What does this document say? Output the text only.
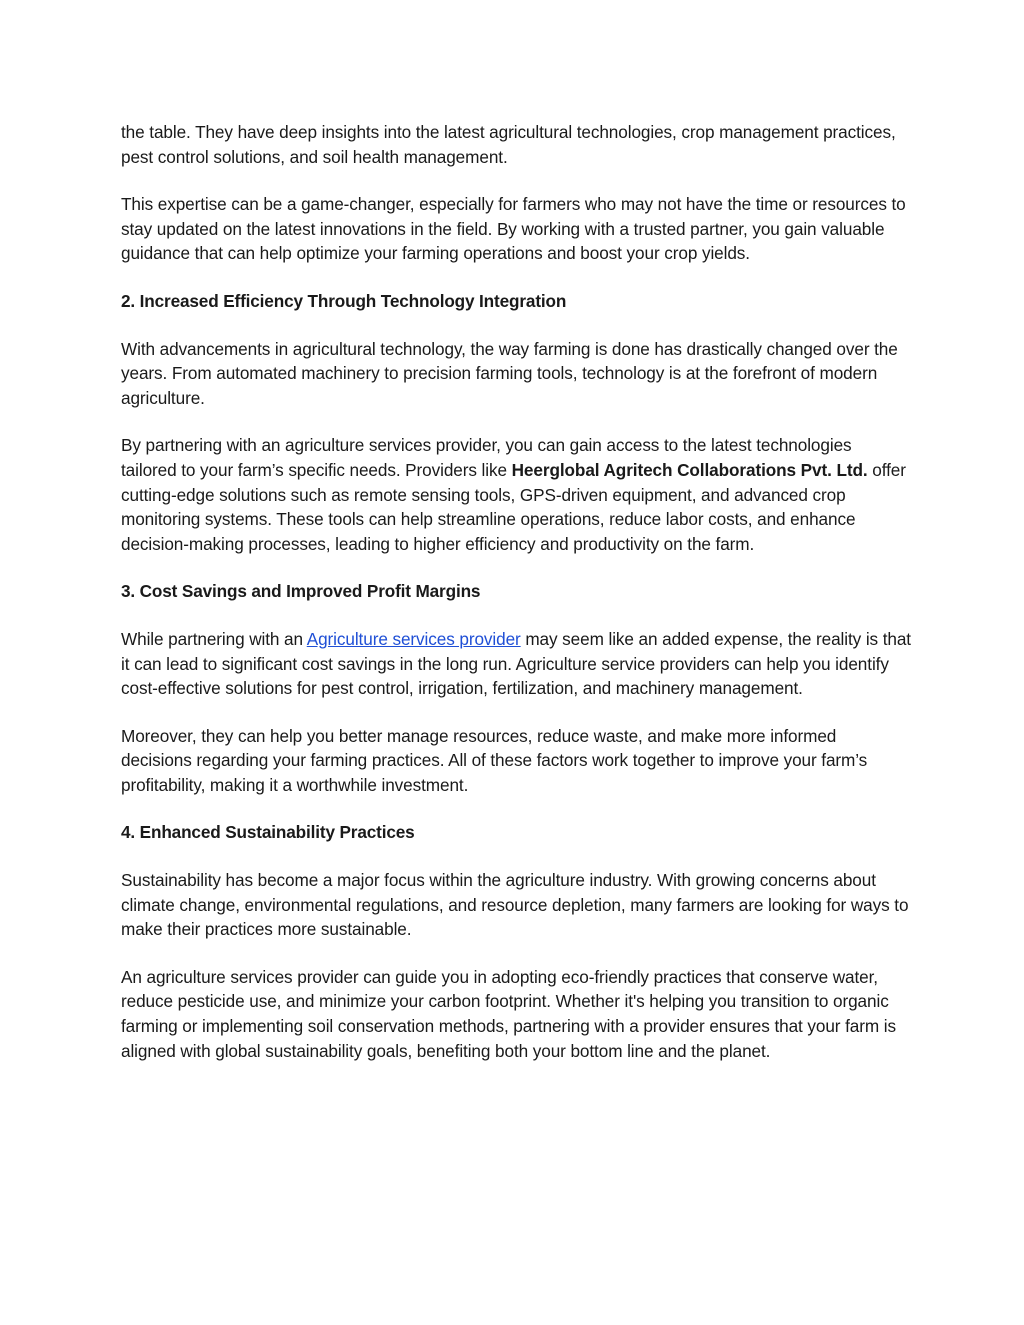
the table. They have deep insights into the latest agricultural technologies, crop management practices, pest control solutions, and soil health management.

This expertise can be a game-changer, especially for farmers who may not have the time or resources to stay updated on the latest innovations in the field. By working with a trusted partner, you gain valuable guidance that can help optimize your farming operations and boost your crop yields.

2. Increased Efficiency Through Technology Integration

With advancements in agricultural technology, the way farming is done has drastically changed over the years. From automated machinery to precision farming tools, technology is at the forefront of modern agriculture.

By partnering with an agriculture services provider, you can gain access to the latest technologies tailored to your farm’s specific needs. Providers like Heerglobal Agritech Collaborations Pvt. Ltd. offer cutting-edge solutions such as remote sensing tools, GPS-driven equipment, and advanced crop monitoring systems. These tools can help streamline operations, reduce labor costs, and enhance decision-making processes, leading to higher efficiency and productivity on the farm.

3. Cost Savings and Improved Profit Margins

While partnering with an Agriculture services provider may seem like an added expense, the reality is that it can lead to significant cost savings in the long run. Agriculture service providers can help you identify cost-effective solutions for pest control, irrigation, fertilization, and machinery management.

Moreover, they can help you better manage resources, reduce waste, and make more informed decisions regarding your farming practices. All of these factors work together to improve your farm’s profitability, making it a worthwhile investment.

4. Enhanced Sustainability Practices

Sustainability has become a major focus within the agriculture industry. With growing concerns about climate change, environmental regulations, and resource depletion, many farmers are looking for ways to make their practices more sustainable.

An agriculture services provider can guide you in adopting eco-friendly practices that conserve water, reduce pesticide use, and minimize your carbon footprint. Whether it's helping you transition to organic farming or implementing soil conservation methods, partnering with a provider ensures that your farm is aligned with global sustainability goals, benefiting both your bottom line and the planet.
